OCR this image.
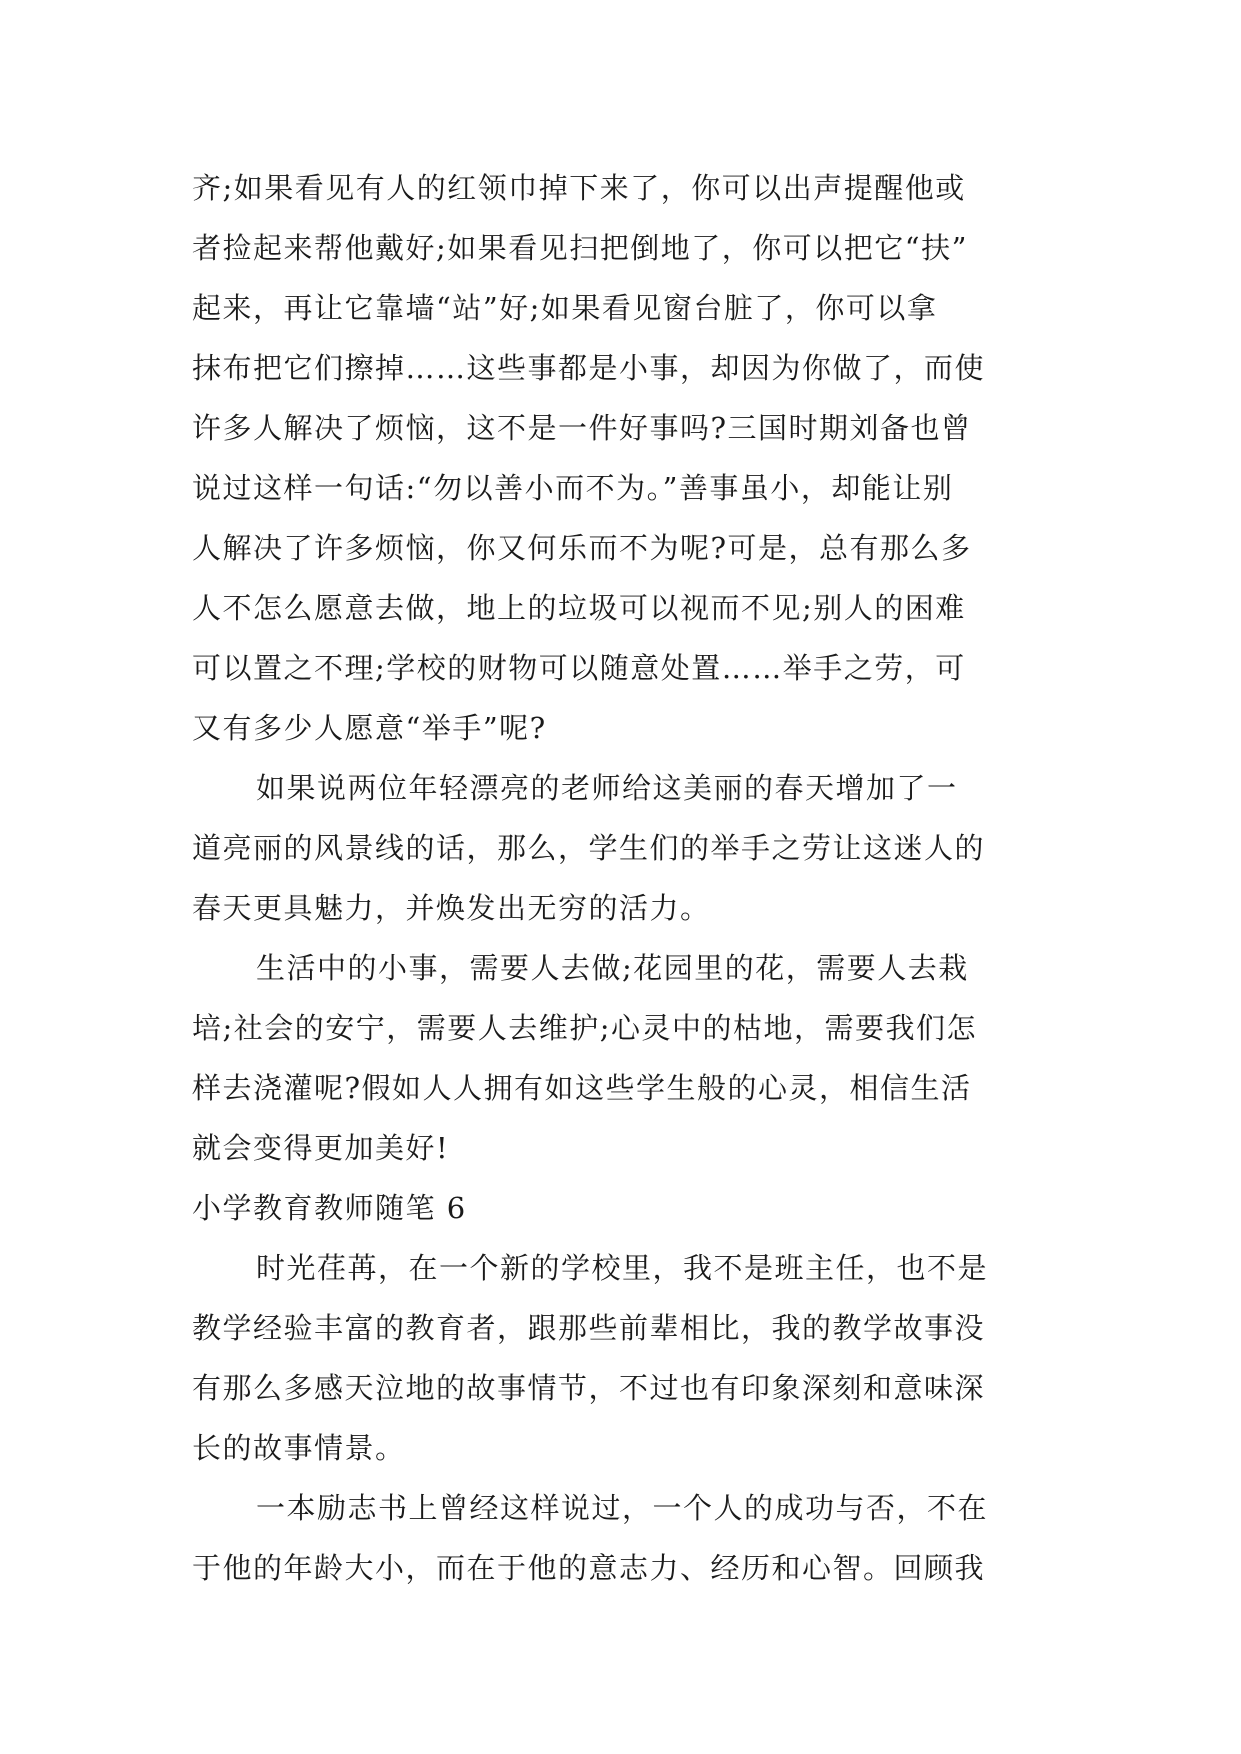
齐;如果看见有人的红领巾掉下来了，你可以出声提醒他或
者捡起来帮他戴好;如果看见扫把倒地了，你可以把它“扶”
起来，再让它靠墙“站”好;如果看见窗台脏了，你可以拿
抹布把它们擦掉……这些事都是小事，却因为你做了，而使
许多人解决了烦恼，这不是一件好事吗?三国时期刘备也曾
说过这样一句话:“勿以善小而不为。”善事虽小，却能让别
人解决了许多烦恼，你又何乐而不为呢?可是，总有那么多
人不怎么愿意去做，地上的垃圾可以视而不见;别人的困难
可以置之不理;学校的财物可以随意处置……举手之劳，可
又有多少人愿意“举手”呢?
如果说两位年轻漂亮的老师给这美丽的春天增加了一
道亮丽的风景线的话，那么，学生们的举手之劳让这迷人的
春天更具魅力，并焕发出无穷的活力。
生活中的小事，需要人去做;花园里的花，需要人去栽
培;社会的安宁，需要人去维护;心灵中的枯地，需要我们怎
样去浇灌呢?假如人人拥有如这些学生般的心灵，相信生活
就会变得更加美好!
小学教育教师随笔 6
时光荏苒，在一个新的学校里，我不是班主任，也不是
教学经验丰富的教育者，跟那些前辈相比，我的教学故事没
有那么多感天泣地的故事情节，不过也有印象深刻和意味深
长的故事情景。
一本励志书上曾经这样说过，一个人的成功与否，不在
于他的年龄大小，而在于他的意志力、经历和心智。回顾我
